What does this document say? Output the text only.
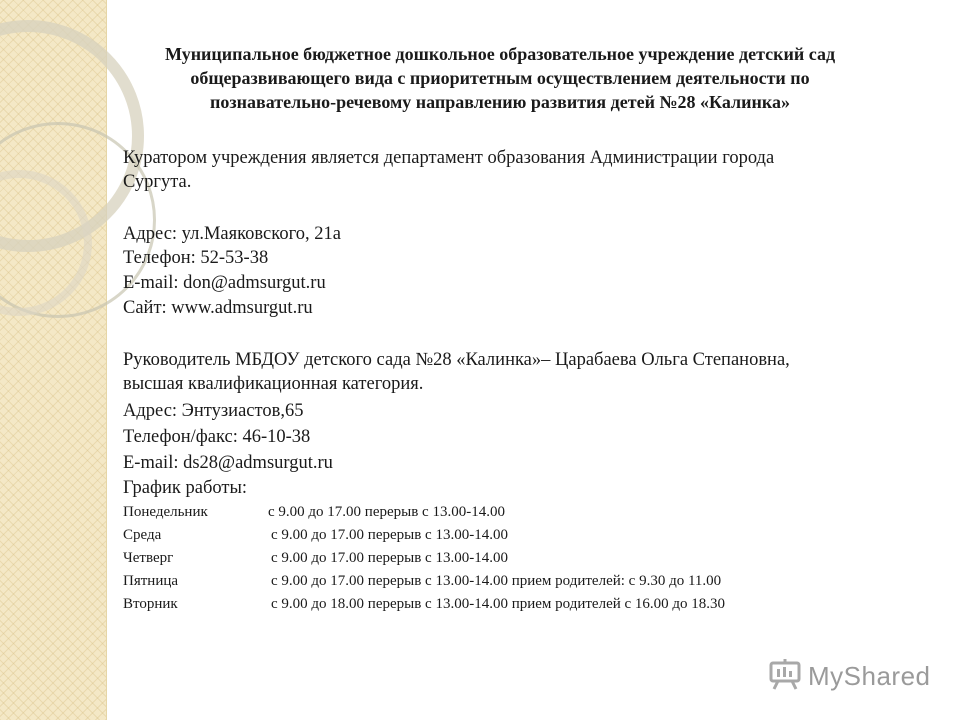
Муниципальное бюджетное дошкольное образовательное учреждение детский сад
общеразвивающего вида с приоритетным осуществлением деятельности по
познавательно-речевому направлению развития детей №28 «Калинка»
Куратором учреждения является департамент образования Администрации города
Сургута.
Адрес: ул.Маяковского, 21а
Телефон: 52-53-38
E-mail: don@admsurgut.ru
Сайт: www.admsurgut.ru
Руководитель МБДОУ детского сада №28 «Калинка»– Царабаева Ольга Степановна,
высшая квалификационная категория.
Адрес: Энтузиастов,65
Телефон/факс: 46-10-38
E-mail: ds28@admsurgut.ru
График работы:
Понедельник	с 9.00 до 17.00 перерыв с 13.00-14.00
Среда	с 9.00 до 17.00 перерыв с 13.00-14.00
Четверг	с 9.00 до 17.00 перерыв с 13.00-14.00
Пятница	с 9.00 до 17.00 перерыв с 13.00-14.00 прием родителей: с 9.30 до 11.00
Вторник	с 9.00 до 18.00 перерыв с 13.00-14.00 прием родителей с 16.00 до 18.30
MyShared
